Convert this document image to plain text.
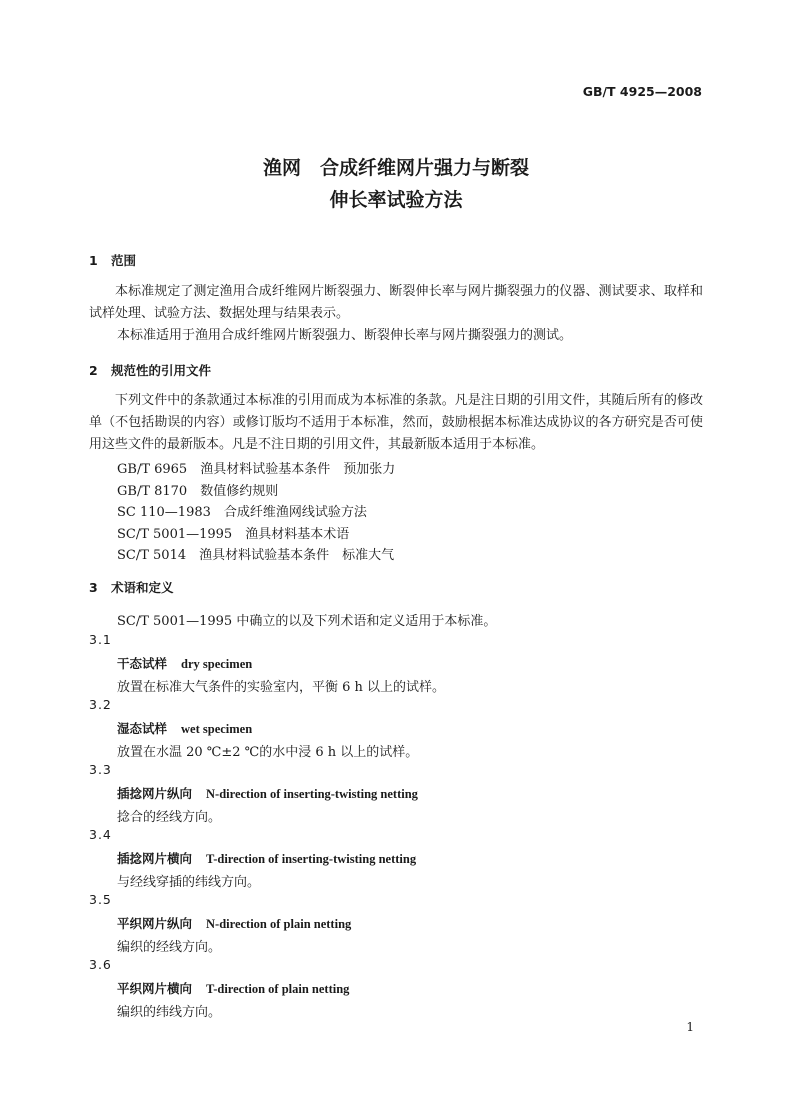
GB/T 4925—2008
渔网　合成纤维网片强力与断裂
伸长率试验方法
1 范围
本标准规定了测定渔用合成纤维网片断裂强力、断裂伸长率与网片撕裂强力的仪器、测试要求、取样和试样处理、试验方法、数据处理与结果表示。
本标准适用于渔用合成纤维网片断裂强力、断裂伸长率与网片撕裂强力的测试。
2 规范性的引用文件
下列文件中的条款通过本标准的引用而成为本标准的条款。凡是注日期的引用文件，其随后所有的修改单（不包括勘误的内容）或修订版均不适用于本标准，然而，鼓励根据本标准达成协议的各方研究是否可使用这些文件的最新版本。凡是不注日期的引用文件，其最新版本适用于本标准。
GB/T 6965　渔具材料试验基本条件　预加张力
GB/T 8170　数值修约规则
SC 110—1983　合成纤维渔网线试验方法
SC/T 5001—1995　渔具材料基本术语
SC/T 5014　渔具材料试验基本条件　标准大气
3 术语和定义
SC/T 5001—1995 中确立的以及下列术语和定义适用于本标准。
3.1
干态试样 dry specimen
放置在标准大气条件的实验室内，平衡 6 h 以上的试样。
3.2
湿态试样 wet specimen
放置在水温 20 ℃±2 ℃的水中浸 6 h 以上的试样。
3.3
插捻网片纵向 N-direction of inserting-twisting netting
捻合的经线方向。
3.4
插捻网片横向 T-direction of inserting-twisting netting
与经线穿插的纬线方向。
3.5
平织网片纵向 N-direction of plain netting
编织的经线方向。
3.6
平织网片横向 T-direction of plain netting
编织的纬线方向。
1
